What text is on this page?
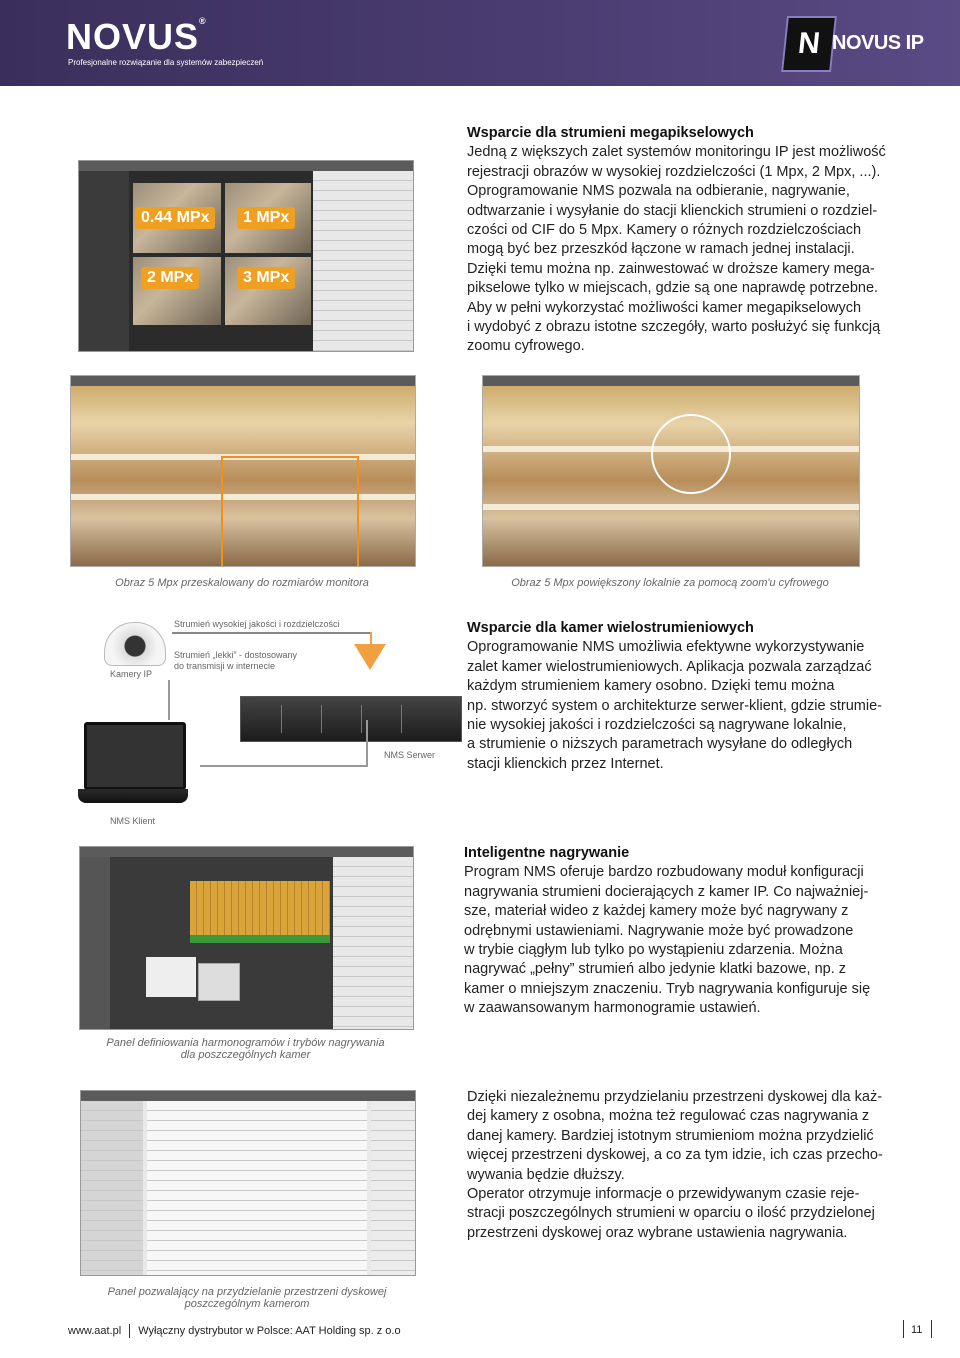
NOVUS®
Profesjonalne rozwiązanie dla systemów zabezpieczeń
N NOVUS IP
0.44 MPx	1 MPx
2 MPx	3 MPx
Wsparcie dla strumieni megapikselowych

Jedną z większych zalet systemów monitoringu IP jest możliwość

rejestracji obrazów w wysokiej rozdzielczości (1 Mpx, 2 Mpx, ...).

Oprogramowanie NMS pozwala na odbieranie, nagrywanie,

odtwarzanie i wysyłanie do stacji klienckich strumieni o rozdziel-

czości od CIF do 5 Mpx. Kamery o różnych rozdzielczościach

mogą być bez przeszkód łączone w ramach jednej instalacji.

Dzięki temu można np. zainwestować w droższe kamery mega-

pikselowe tylko w miejscach, gdzie są one naprawdę potrzebne.

Aby w pełni wykorzystać możliwości kamer megapikselowych

i wydobyć z obrazu istotne szczegóły, warto posłużyć się funkcją

zoomu cyfrowego.

Obraz 5 Mpx przeskalowany do rozmiarów monitora	Obraz 5 Mpx powiększony lokalnie za pomocą zoom'u cyfrowego
Strumień wysokiej jakości i rozdzielczości
Strumień „lekki” - dostosowany
do transmisji w internecie
Kamery IP
NMS Serwer
NMS Klient
Wsparcie dla kamer wielostrumieniowych

Oprogramowanie NMS umożliwia efektywne wykorzystywanie

zalet kamer wielostrumieniowych. Aplikacja pozwala zarządzać

każdym strumieniem kamery osobno. Dzięki temu można

np. stworzyć system o architekturze serwer-klient, gdzie strumie-

nie wysokiej jakości i rozdzielczości są nagrywane lokalnie,

a strumienie o niższych parametrach wysyłane do odległych

stacji klienckich przez Internet.

Panel definiowania harmonogramów i trybów nagrywania
dla poszczególnych kamer
Inteligentne nagrywanie

Program NMS oferuje bardzo rozbudowany moduł konfiguracji

nagrywania strumieni docierających z kamer IP. Co najważniej-

sze, materiał wideo z każdej kamery może być nagrywany z

odrębnymi ustawieniami. Nagrywanie może być prowadzone

w trybie ciągłym lub tylko po wystąpieniu zdarzenia. Można

nagrywać „pełny” strumień albo jedynie klatki bazowe, np. z

kamer o mniejszym znaczeniu. Tryb nagrywania konfiguruje się

w zaawansowanym harmonogramie ustawień.

Panel pozwalający na przydzielanie przestrzeni dyskowej
poszczególnym kamerom

Dzięki niezależnemu przydzielaniu przestrzeni dyskowej dla każ-

dej kamery z osobna, można też regulować czas nagrywania z

danej kamery. Bardziej istotnym strumieniom można przydzielić

więcej przestrzeni dyskowej, a co za tym idzie, ich czas przecho-

wywania będzie dłuższy.

Operator otrzymuje informacje o przewidywanym czasie reje-

stracji poszczególnych strumieni w oparciu o ilość przydzielonej

przestrzeni dyskowej oraz wybrane ustawienia nagrywania.

www.aat.pl Wyłączny dystrybutor w Polsce: AAT Holding sp. z o.o	11
